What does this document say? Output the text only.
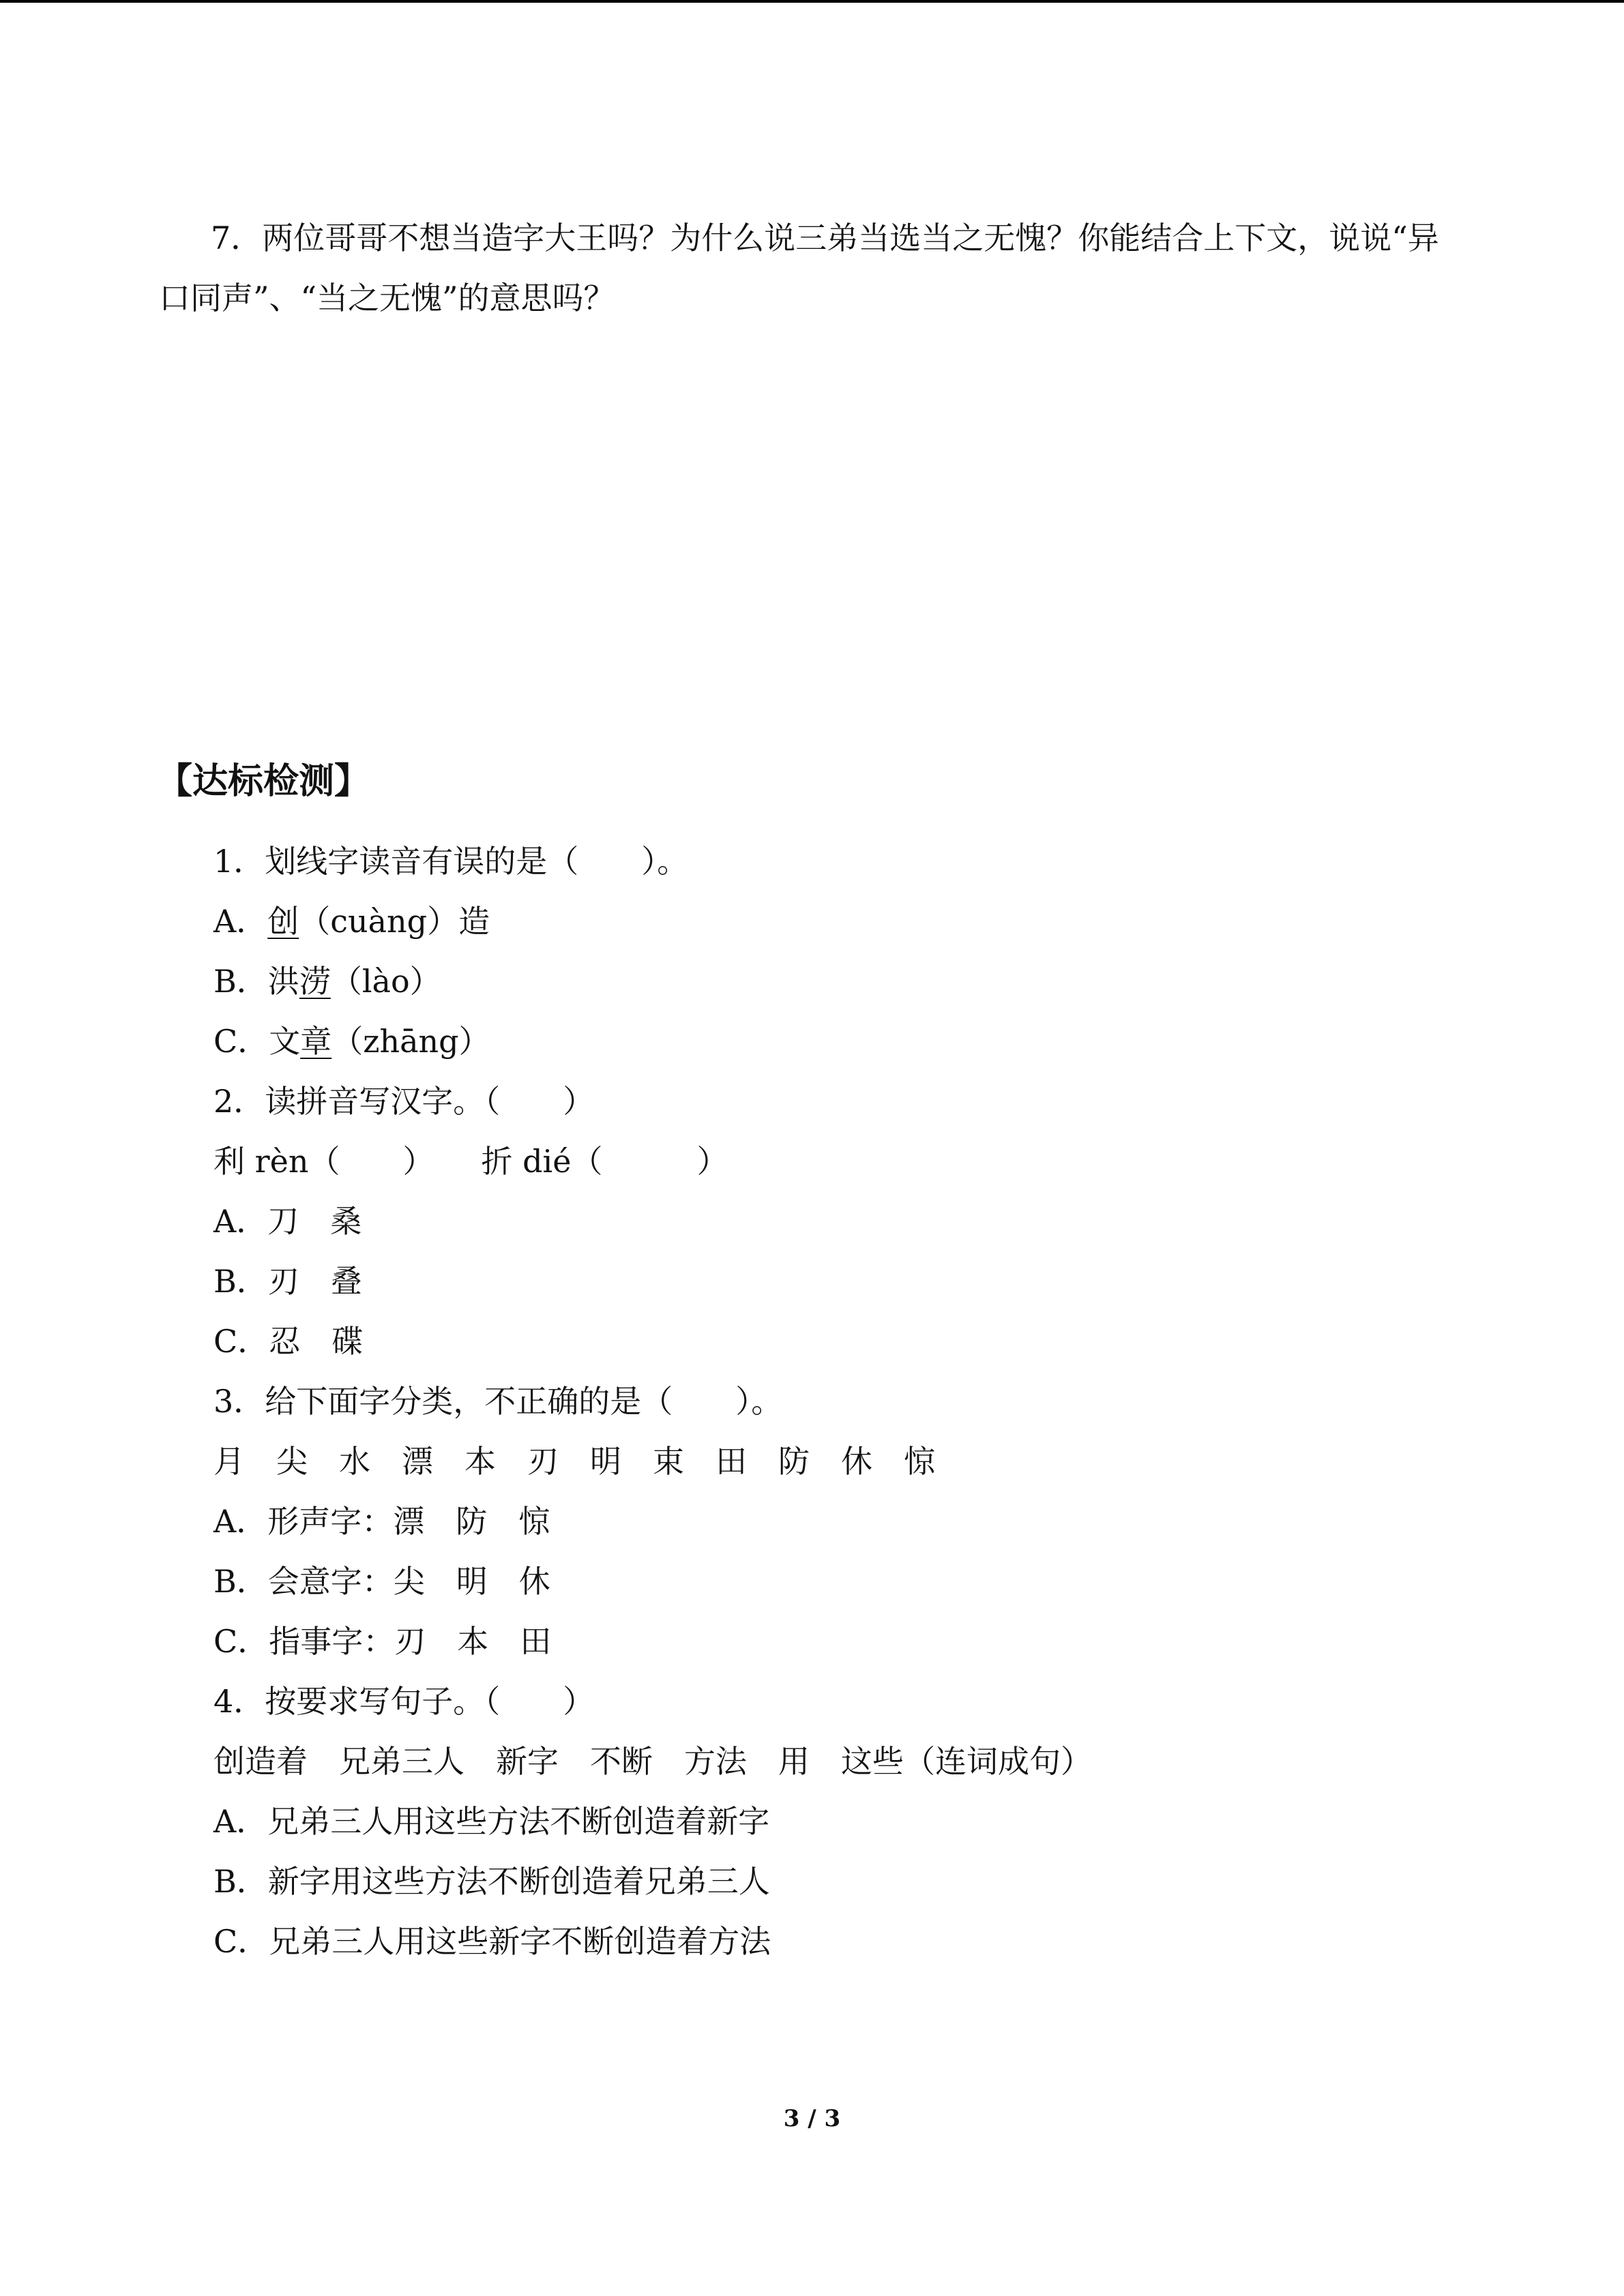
7．两位哥哥不想当造字大王吗？为什么说三弟当选当之无愧？你能结合上下文，说说“异口同声”、“当之无愧”的意思吗？

【达标检测】

1．划线字读音有误的是（　　）。

A．创（cuàng）造

B．洪涝（lào）

C．文章（zhāng）

2．读拼音写汉字。（　　）

利 rèn（　　）　　折 dié（　　　）

A．刀　桑

B．刃　叠

C．忍　碟

3．给下面字分类，不正确的是（　　）。

月　尖　水　漂　本　刃　明　束　田　防　休　惊

A．形声字：漂　防　惊

B．会意字：尖　明　休

C．指事字：刃　本　田

4．按要求写句子。（　　）

创造着　兄弟三人　新字　不断　方法　用　这些（连词成句）

A．兄弟三人用这些方法不断创造着新字

B．新字用这些方法不断创造着兄弟三人

C．兄弟三人用这些新字不断创造着方法

3 / 3
